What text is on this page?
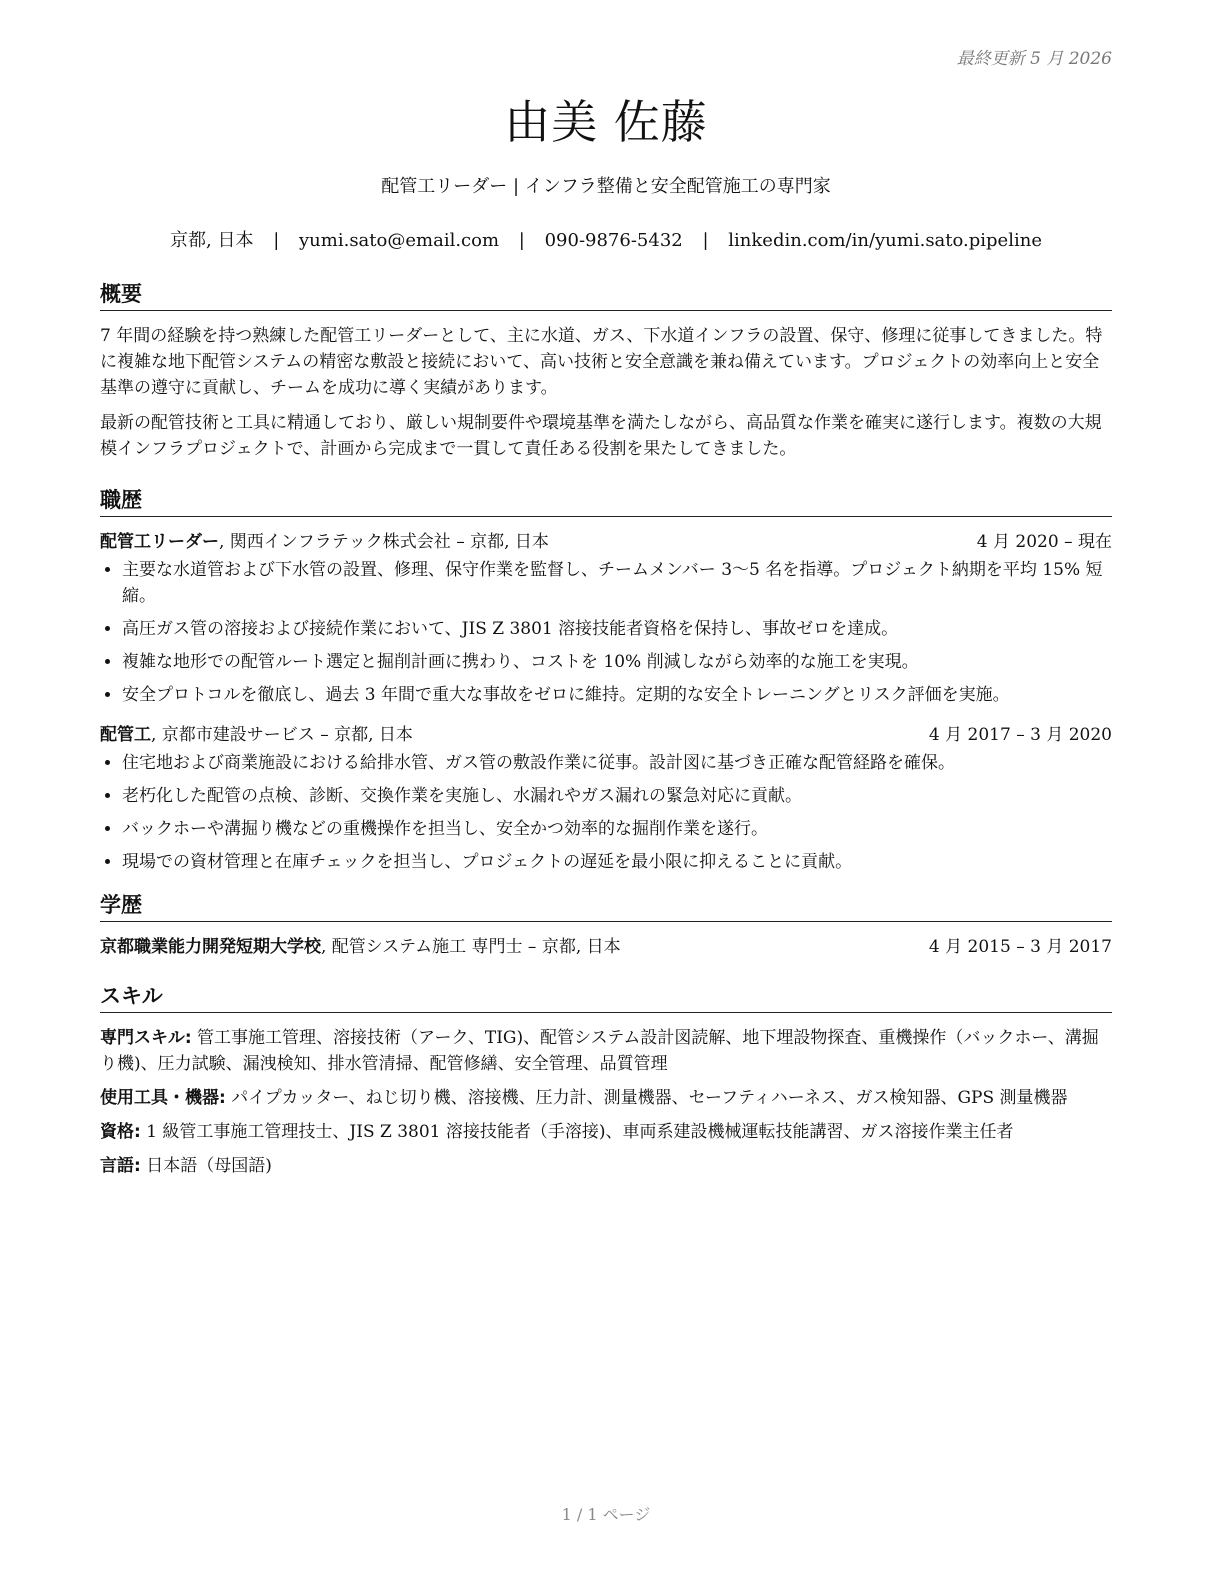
最終更新 5 月 2026
由美 佐藤
配管工リーダー | インフラ整備と安全配管施工の専門家
京都, 日本 | yumi.sato@email.com | 090-9876-5432 | linkedin.com/in/yumi.sato.pipeline
概要

7 年間の経験を持つ熟練した配管工リーダーとして、主に水道、ガス、下水道インフラの設置、保守、修理に従事してきました。特に複雑な地下配管システムの精密な敷設と接続において、高い技術と安全意識を兼ね備えています。プロジェクトの効率向上と安全基準の遵守に貢献し、チームを成功に導く実績があります。

最新の配管技術と工具に精通しており、厳しい規制要件や環境基準を満たしながら、高品質な作業を確実に遂行します。複数の大規模インフラプロジェクトで、計画から完成まで一貫して責任ある役割を果たしてきました。

職歴
配管工リーダー, 関西インフラテック株式会社 – 京都, 日本	4 月 2020 – 現在
• 主要な水道管および下水管の設置、修理、保守作業を監督し、チームメンバー 3〜5 名を指導。プロジェクト納期を平均 15% 短縮。
• 高圧ガス管の溶接および接続作業において、JIS Z 3801 溶接技能者資格を保持し、事故ゼロを達成。
• 複雑な地形での配管ルート選定と掘削計画に携わり、コストを 10% 削減しながら効率的な施工を実現。
• 安全プロトコルを徹底し、過去 3 年間で重大な事故をゼロに維持。定期的な安全トレーニングとリスク評価を実施。
配管工, 京都市建設サービス – 京都, 日本	4 月 2017 – 3 月 2020
• 住宅地および商業施設における給排水管、ガス管の敷設作業に従事。設計図に基づき正確な配管経路を確保。
• 老朽化した配管の点検、診断、交換作業を実施し、水漏れやガス漏れの緊急対応に貢献。
• バックホーや溝掘り機などの重機操作を担当し、安全かつ効率的な掘削作業を遂行。
• 現場での資材管理と在庫チェックを担当し、プロジェクトの遅延を最小限に抑えることに貢献。
学歴
京都職業能力開発短期大学校, 配管システム施工 専門士 – 京都, 日本	4 月 2015 – 3 月 2017
スキル
専門スキル: 管工事施工管理、溶接技術（アーク、TIG)、配管システム設計図読解、地下埋設物探査、重機操作（バックホー、溝掘り機)、圧力試験、漏洩検知、排水管清掃、配管修繕、安全管理、品質管理
使用工具・機器: パイプカッター、ねじ切り機、溶接機、圧力計、測量機器、セーフティハーネス、ガス検知器、GPS 測量機器
資格: 1 級管工事施工管理技士、JIS Z 3801 溶接技能者（手溶接)、車両系建設機械運転技能講習、ガス溶接作業主任者
言語: 日本語（母国語)
1 / 1 ページ
